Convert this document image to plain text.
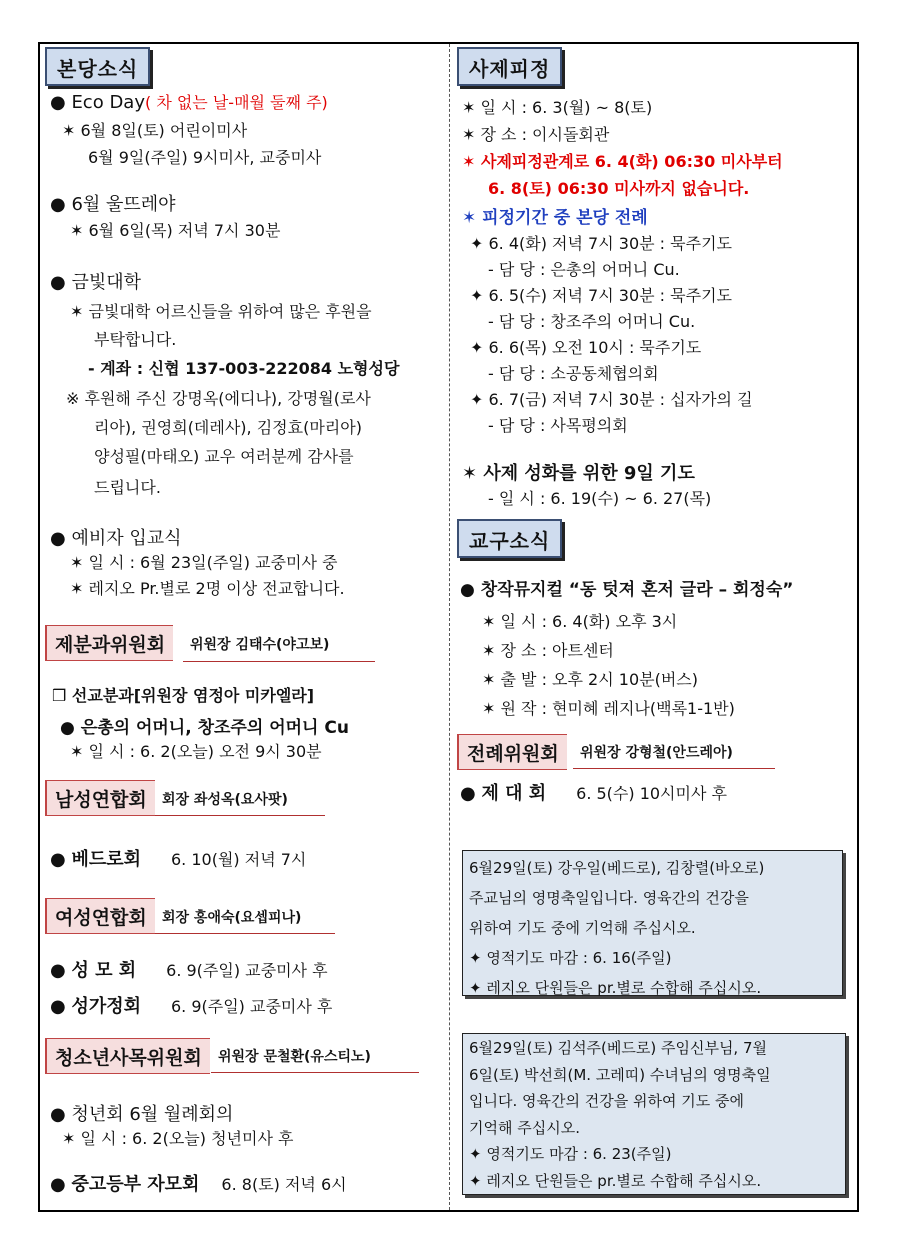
본당소식
● Eco Day( 차 없는 날-매월 둘째 주)
✶ 6월 8일(토) 어린이미사
6월 9일(주일) 9시미사, 교중미사
● 6월 울뜨레야
✶ 6월 6일(목) 저녁 7시 30분
● 금빛대학
✶ 금빛대학 어르신들을 위하여 많은 후원을
부탁합니다.
- 계좌 : 신협 137-003-222084 노형성당
※ 후원해 주신 강명옥(에디나), 강명월(로사
리아), 권영희(데레사), 김정효(마리아)
양성필(마태오) 교우 여러분께 감사를
드립니다.
● 예비자 입교식
✶ 일 시 : 6월 23일(주일) 교중미사 중
✶ 레지오 Pr.별로 2명 이상 전교합니다.
제분과위원회	위원장 김태수(야고보)
❒ 선교분과[위원장 염정아 미카엘라]
● 은총의 어머니, 창조주의 어머니 Cu
✶ 일 시 : 6. 2(오늘) 오전 9시 30분
남성연합회	회장 좌성옥(요사팟)
● 베드로회 6. 10(월) 저녁 7시
여성연합회	회장 홍애숙(요셉피나)
● 성 모 회 6. 9(주일) 교중미사 후
● 성가정회 6. 9(주일) 교중미사 후
청소년사목위원회	위원장 문철환(유스티노)
● 청년회 6월 월례회의
✶ 일 시 : 6. 2(오늘) 청년미사 후
● 중고등부 자모회 6. 8(토) 저녁 6시
사제피정
✶ 일 시 : 6. 3(월) ~ 8(토)
✶ 장 소 : 이시돌회관
✶ 사제피정관계로 6. 4(화) 06:30 미사부터
6. 8(토) 06:30 미사까지 없습니다.
✶ 피정기간 중 본당 전례
✦ 6. 4(화) 저녁 7시 30분 : 묵주기도
- 담 당 : 은총의 어머니 Cu.
✦ 6. 5(수) 저녁 7시 30분 : 묵주기도
- 담 당 : 창조주의 어머니 Cu.
✦ 6. 6(목) 오전 10시 : 묵주기도
- 담 당 : 소공동체협의회
✦ 6. 7(금) 저녁 7시 30분 : 십자가의 길
- 담 당 : 사목평의회
✶ 사제 성화를 위한 9일 기도
- 일 시 : 6. 19(수) ~ 6. 27(목)
교구소식
● 창작뮤지컬 “동 텃져 혼저 글라 – 회정숙”
✶ 일 시 : 6. 4(화) 오후 3시
✶ 장 소 : 아트센터
✶ 출 발 : 오후 2시 10분(버스)
✶ 원 작 : 현미혜 레지나(백록1-1반)
전례위원회	위원장 강형철(안드레아)
● 제 대 회 6. 5(수) 10시미사 후
6월29일(토) 강우일(베드로), 김창렬(바오로)
주교님의 영명축일입니다. 영육간의 건강을
위하여 기도 중에 기억해 주십시오.
✦ 영적기도 마감 : 6. 16(주일)
✦ 레지오 단원들은 pr.별로 수합해 주십시오.
6월29일(토) 김석주(베드로) 주임신부님, 7월
6일(토) 박선희(M. 고레띠) 수녀님의 영명축일
입니다. 영육간의 건강을 위하여 기도 중에
기억해 주십시오.
✦ 영적기도 마감 : 6. 23(주일)
✦ 레지오 단원들은 pr.별로 수합해 주십시오.
